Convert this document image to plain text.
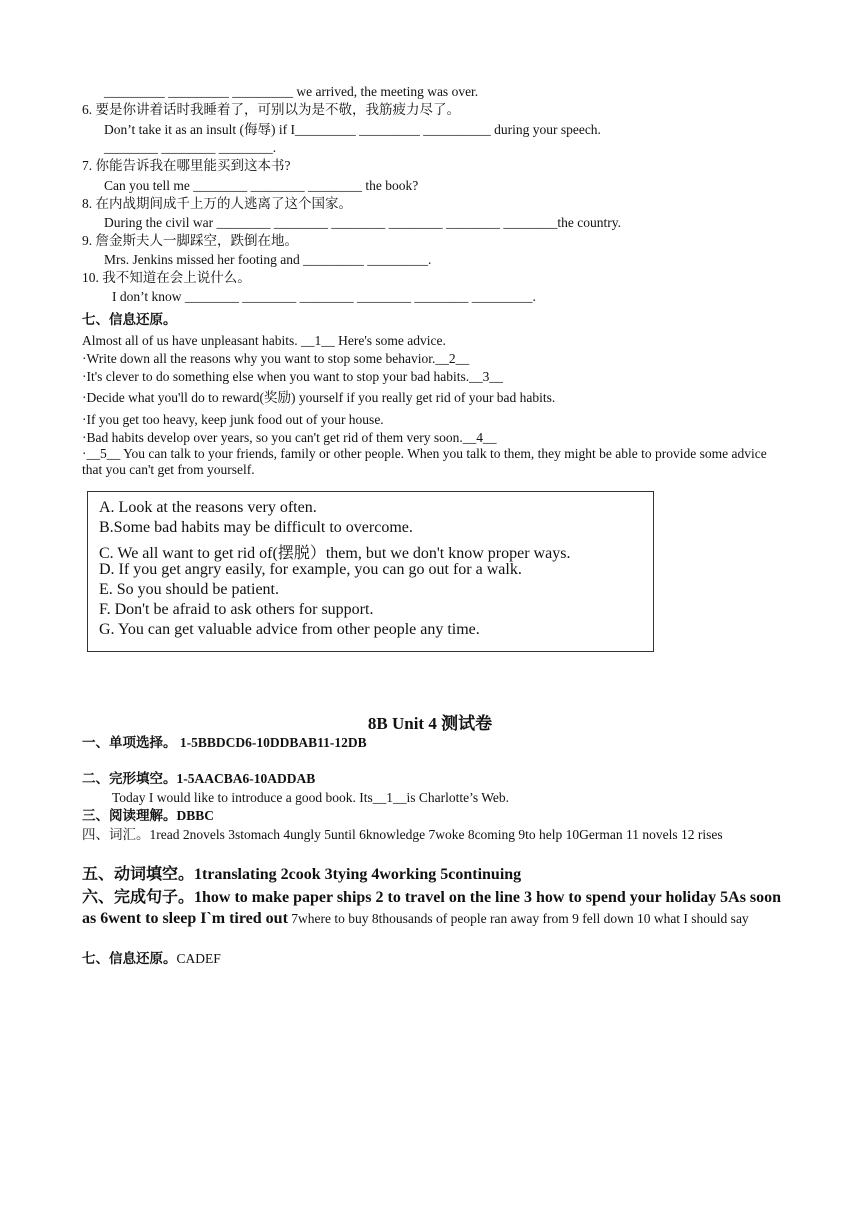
_________ _________ _________ we arrived, the meeting was over.
6. 要是你讲着话时我睡着了，可别以为是不敬，我筋疲力尽了。
Don’t take it as an insult (侮辱) if I_________ _________ __________ during your speech.
________ ________ ________.
7. 你能告诉我在哪里能买到这本书?
Can you tell me ________ ________ ________ the book?
8. 在内战期间成千上万的人逃离了这个国家。
During the civil war ________ ________ ________ ________ ________ ________the country.
9. 詹金斯夫人一脚踩空，跌倒在地。
Mrs. Jenkins missed her footing and _________ _________.
10. 我不知道在会上说什么。
I don’t know ________ ________ ________ ________ ________ _________.
七、信息还原。
Almost all of us have unpleasant habits. __1__ Here's some advice.
·Write down all the reasons why you want to stop some behavior.__2__
·It's clever to do something else when you want to stop your bad habits.__3__
·Decide what you'll do to reward(奖励) yourself if you really get rid of your bad habits.
·If you get too heavy, keep junk food out of your house.
·Bad habits develop over years, so you can't get rid of them very soon.__4__
·__5__ You can talk to your friends, family or other people. When you talk to them, they might be able to provide some advice that you can't get from yourself.
A. Look at the reasons very often.
B.Some bad habits may be difficult to overcome.
C. We all want to get rid of(摆脱）them, but we don't know proper ways.
D. If you get angry easily, for example, you can go out for a walk.
E. So you should be patient.
F. Don't be afraid to ask others for support.
G. You can get valuable advice from other people any time.
8B Unit 4 测试卷
一、单项选择。 1-5BBDCD6-10DDBAB11-12DB
二、完形填空。1-5AACBA6-10ADDAB
Today I would like to introduce a good book. Its__1__is Charlotte’s Web.
三、阅读理解。DBBC
四、词汇。1read 2novels 3stomach 4ungly 5until 6knowledge 7woke 8coming 9to help 10German 11 novels 12 rises
五、动词填空。1translating 2cook 3tying 4working 5continuing
六、完成句子。1how to make paper ships 2 to travel on the line 3 how to spend your holiday 5As soon as 6went to sleep I`m tired out 7where to buy 8thousands of people ran away from 9 fell down 10 what I should say
七、信息还原。CADEF
